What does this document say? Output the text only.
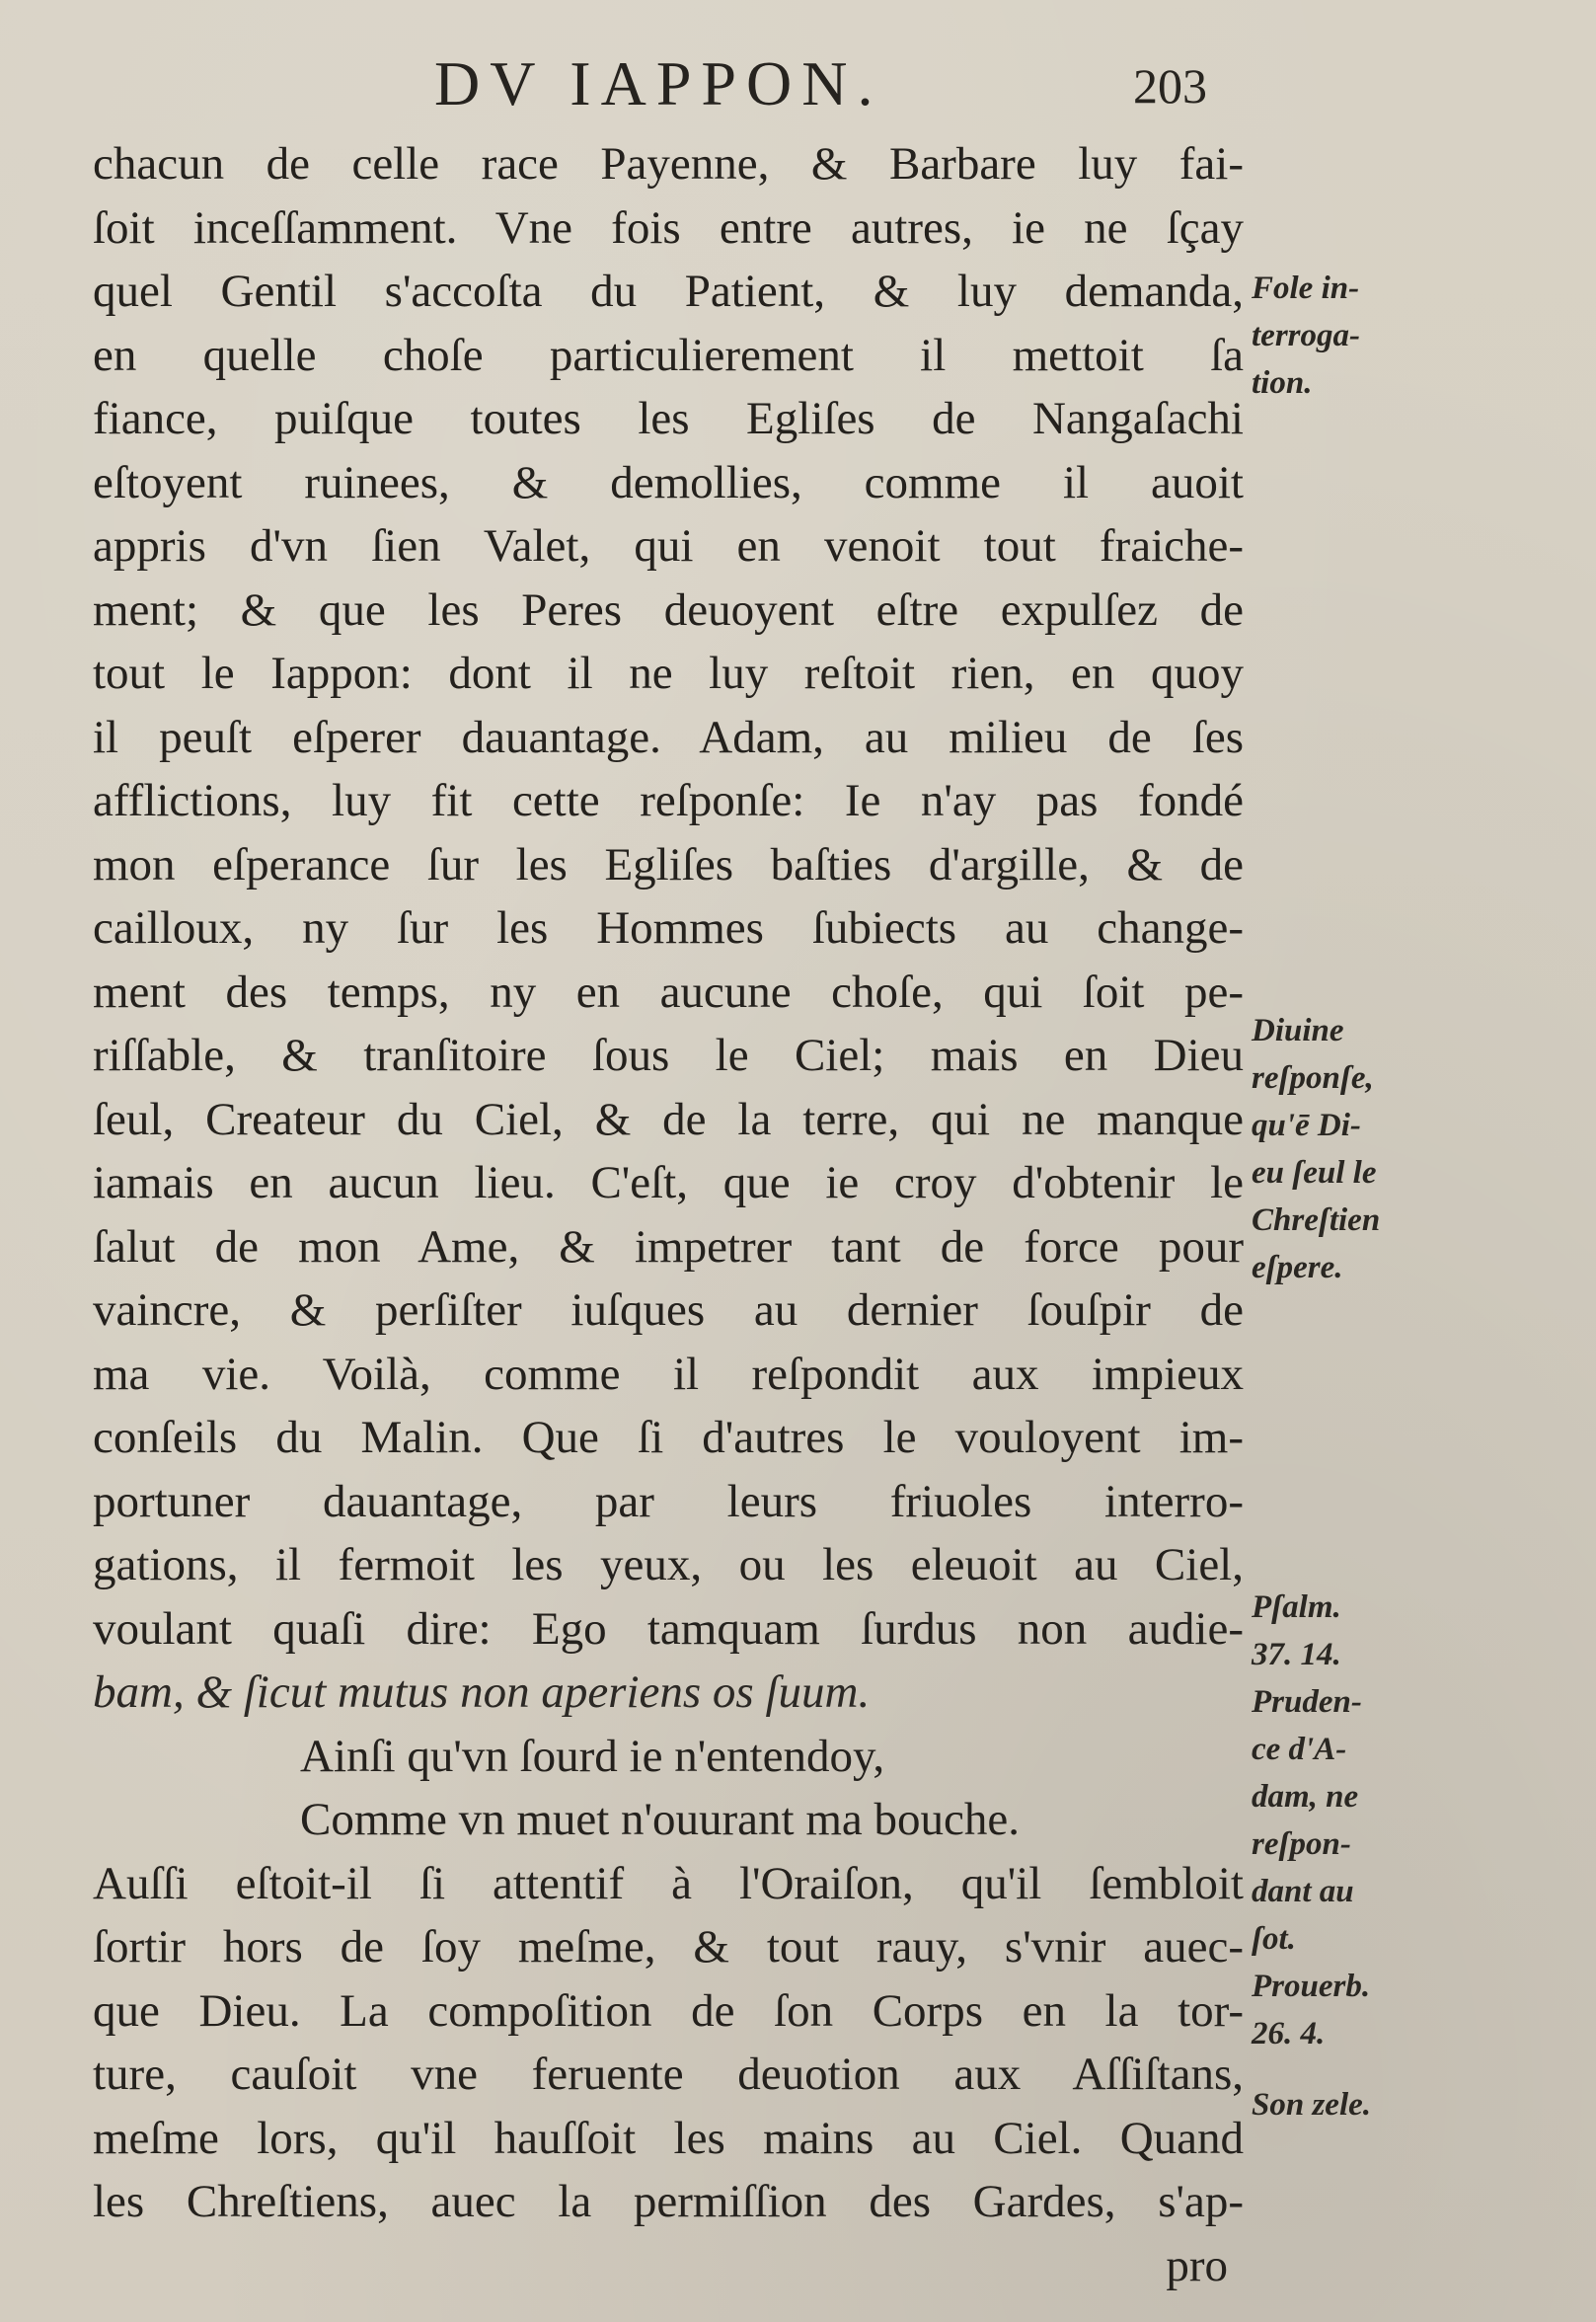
DV IAPPON.	203
chacun de celle race Payenne, & Barbare luy fai-
ſoit inceſſamment. Vne fois entre autres, ie ne ſçay
quel Gentil s'accoſta du Patient, & luy demanda,
en quelle choſe particulierement il mettoit ſa
fiance, puiſque toutes les Egliſes de Nangaſachi
eſtoyent ruinees, & demollies, comme il auoit
appris d'vn ſien Valet, qui en venoit tout fraiche-
ment; & que les Peres deuoyent eſtre expulſez de
tout le Iappon: dont il ne luy reſtoit rien, en quoy
il peuſt eſperer dauantage. Adam, au milieu de ſes
afflictions, luy fit cette reſponſe: Ie n'ay pas fondé
mon eſperance ſur les Egliſes baſties d'argille, & de
cailloux, ny ſur les Hommes ſubiects au change-
ment des temps, ny en aucune choſe, qui ſoit pe-
riſſable, & tranſitoire ſous le Ciel; mais en Dieu
ſeul, Createur du Ciel, & de la terre, qui ne manque
iamais en aucun lieu. C'eſt, que ie croy d'obtenir le
ſalut de mon Ame, & impetrer tant de force pour
vaincre, & perſiſter iuſques au dernier ſouſpir de
ma vie. Voilà, comme il reſpondit aux impieux
conſeils du Malin. Que ſi d'autres le vouloyent im-
portuner dauantage, par leurs friuoles interro-
gations, il fermoit les yeux, ou les eleuoit au Ciel,
voulant quaſi dire: Ego tamquam ſurdus non audie-
bam, & ſicut mutus non aperiens os ſuum.
Ainſi qu'vn ſourd ie n'entendoy,
Comme vn muet n'ouurant ma bouche.
Auſſi eſtoit-il ſi attentif à l'Oraiſon, qu'il ſembloit
ſortir hors de ſoy meſme, & tout rauy, s'vnir auec-
que Dieu. La compoſition de ſon Corps en la tor-
ture, cauſoit vne feruente deuotion aux Aſſiſtans,
meſme lors, qu'il hauſſoit les mains au Ciel. Quand
les Chreſtiens, auec la permiſſion des Gardes, s'ap-
pro
Fole in-
terroga-
tion.
Diuine
reſponſe,
qu'ē Di-
eu ſeul le
Chreſtien
eſpere.
Pſalm.
37. 14.
Pruden-
ce d'A-
dam, ne
reſpon-
dant au
ſot.
Prouerb.
26. 4.
Son zele.
